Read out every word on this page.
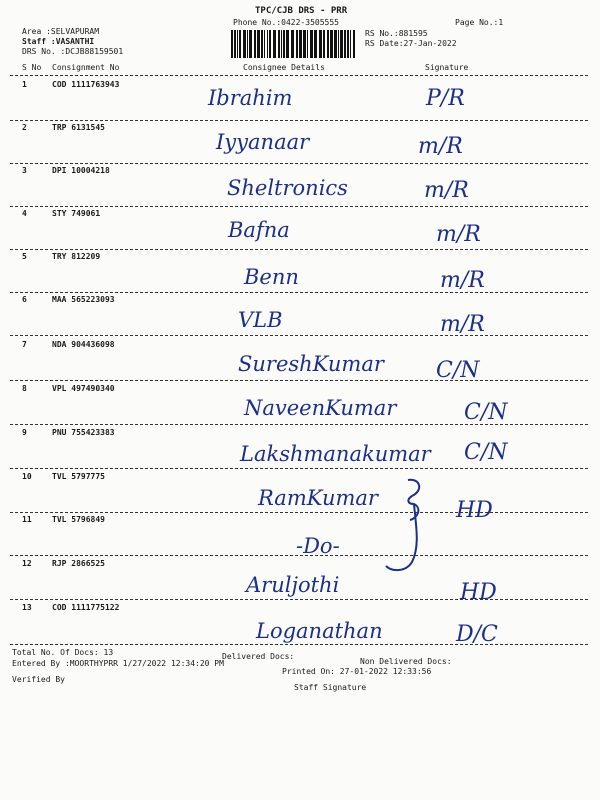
TPC/CJB DRS - PRR
Phone No.:0422-3505555	Page No.:1
Area :SELVAPURAM
Staff :VASANTHI
DRS No. :DCJB88159501
RS No.:881595
RS Date:27-Jan-2022
S No Consignment No	Consignee Details	Signature
1	COD 1111763943
Ibrahim	P/R
2	TRP 6131545
Iyyanaar	m/R
3	DPI 10004218
Sheltronics	m/R
4	STY 749061
Bafna	m/R
5	TRY 812209
Benn	m/R
6	MAA 565223093
VLB	m/R
7	NDA 904436098
SureshKumar C/N
8	VPL 497490340
NaveenKumar	C/N
9	PNU 755423383
Lakshmanakumar C/N
10	TVL 5797775
RamKumar	HD
11	TVL 5796849
-Do-
12	RJP 2866525
Arulјothi	HD
13	COD 1111775122
Loganathan	D/C
Total No. Of Docs: 13	Delivered Docs:
Non Delivered Docs:
Entered By :MOORTHYPRR 1/27/2022 12:34:20 PM
Printed On: 27-01-2022 12:33:56
Verified By
Staff Signature
